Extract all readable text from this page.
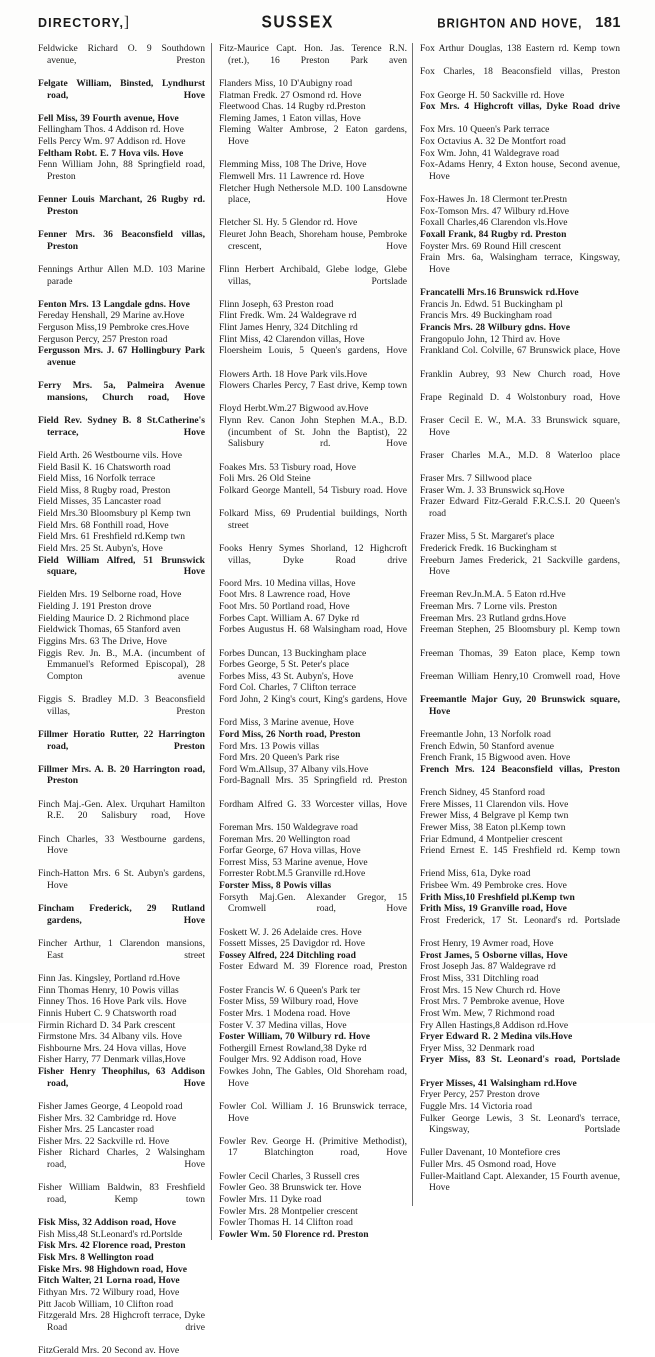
DIRECTORY,]	SUSSEX	BRIGHTON AND HOVE, 181

Feldwicke Richard O. 9 Southdown avenue, Preston

Felgate William, Binsted, Lyndhurst road, Hove

Fell Miss, 39 Fourth avenue, Hove

Fellingham Thos. 4 Addison rd. Hove

Fells Percy Wm. 97 Addison rd. Hove

Feltham Robt. E. 7 Hova vils. Hove

Fenn William John, 88 Springfield road, Preston

Fenner Louis Marchant, 26 Rugby rd. Preston

Fenner Mrs. 36 Beaconsfield villas, Preston

Fennings Arthur Allen M.D. 103 Marine parade

Fenton Mrs. 13 Langdale gdns. Hove

Fereday Henshall, 29 Marine av.Hove

Ferguson Miss,19 Pembroke cres.Hove

Ferguson Percy, 257 Preston road

Fergusson Mrs. J. 67 Hollingbury Park avenue

Ferry Mrs. 5a, Palmeira Avenue mansions, Church road, Hove

Field Rev. Sydney B. 8 St.Catherine's terrace, Hove

Field Arth. 26 Westbourne vils. Hove

Field Basil K. 16 Chatsworth road

Field Miss, 16 Norfolk terrace

Field Miss, 8 Rugby road, Preston

Field Misses, 35 Lancaster road

Field Mrs.30 Bloomsbury pl Kemp twn

Field Mrs. 68 Fonthill road, Hove

Field Mrs. 61 Freshfield rd.Kemp twn

Field Mrs. 25 St. Aubyn's, Hove

Field William Alfred, 51 Brunswick square, Hove

Fielden Mrs. 19 Selborne road, Hove

Fielding J. 191 Preston drove

Fielding Maurice D. 2 Richmond place

Fieldwick Thomas, 65 Stanford aven

Figgins Mrs. 63 The Drive, Hove

Figgis Rev. Jn. B., M.A. (incumbent of Emmanuel's Reformed Episcopal), 28 Compton avenue

Figgis S. Bradley M.D. 3 Beaconsfield villas, Preston

Fillmer Horatio Rutter, 22 Harrington road, Preston

Fillmer Mrs. A. B. 20 Harrington road, Preston

Finch Maj.-Gen. Alex. Urquhart Hamilton R.E. 20 Salisbury road, Hove

Finch Charles, 33 Westbourne gardens, Hove

Finch-Hatton Mrs. 6 St. Aubyn's gardens, Hove

Fincham Frederick, 29 Rutland gardens, Hove

Fincher Arthur, 1 Clarendon mansions, East street

Finn Jas. Kingsley, Portland rd.Hove

Finn Thomas Henry, 10 Powis villas

Finney Thos. 16 Hove Park vils. Hove

Finnis Hubert C. 9 Chatsworth road

Firmin Richard D. 34 Park crescent

Firmstone Mrs. 34 Albany vils. Hove

Fishbourne Mrs. 24 Hova villas, Hove

Fisher Harry, 77 Denmark villas,Hove

Fisher Henry Theophilus, 63 Addison road, Hove

Fisher James George, 4 Leopold road

Fisher Mrs. 32 Cambridge rd. Hove

Fisher Mrs. 25 Lancaster road

Fisher Mrs. 22 Sackville rd. Hove

Fisher Richard Charles, 2 Walsingham road, Hove

Fisher William Baldwin, 83 Freshfield road, Kemp town

Fisk Miss, 32 Addison road, Hove

Fish Miss,48 St.Leonard's rd.Portslde

Fisk Mrs. 42 Florence road, Preston

Fisk Mrs. 8 Wellington road

Fiske Mrs. 98 Highdown road, Hove

Fitch Walter, 21 Lorna road, Hove

Fithyan Mrs. 72 Wilbury road, Hove

Pitt Jacob William, 10 Clifton road

Fitzgerald Mrs. 28 Highcroft terrace, Dyke Road drive

FitzGerald Mrs. 20 Second av. Hove

Fitz-Maurice Capt. Hon. Jas. Terence R.N. (ret.), 16 Preston Park aven

Flanders Miss, 10 D'Aubigny road

Flatman Fredk. 27 Osmond rd. Hove

Fleetwood Chas. 14 Rugby rd.Preston

Fleming James, 1 Eaton villas, Hove

Fleming Walter Ambrose, 2 Eaton gardens, Hove

Flemming Miss, 108 The Drive, Hove

Flemwell Mrs. 11 Lawrence rd. Hove

Fletcher Hugh Nethersole M.D. 100 Lansdowne place, Hove

Fletcher Sl. Hy. 5 Glendor rd. Hove

Fleuret John Beach, Shoreham house, Pembroke crescent, Hove

Flinn Herbert Archibald, Glebe lodge, Glebe villas, Portslade

Flinn Joseph, 63 Preston road

Flint Fredk. Wm. 24 Waldegrave rd

Flint James Henry, 324 Ditchling rd

Flint Miss, 42 Clarendon villas, Hove

Floersheim Louis, 5 Queen's gardens, Hove

Flowers Arth. 18 Hove Park vils.Hove

Flowers Charles Percy, 7 East drive, Kemp town

Floyd Herbt.Wm.27 Bigwood av.Hove

Flynn Rev. Canon John Stephen M.A., B.D. (incumbent of St. John the Baptist), 22 Salisbury rd. Hove

Foakes Mrs. 53 Tisbury road, Hove

Foli Mrs. 26 Old Steine

Folkard George Mantell, 54 Tisbury road. Hove

Folkard Miss, 69 Prudential buildings, North street

Fooks Henry Symes Shorland, 12 Highcroft villas, Dyke Road drive

Foord Mrs. 10 Medina villas, Hove

Foot Mrs. 8 Lawrence road, Hove

Foot Mrs. 50 Portland road, Hove

Forbes Capt. William A. 67 Dyke rd

Forbes Augustus H. 68 Walsingham road, Hove

Forbes Duncan, 13 Buckingham place

Forbes George, 5 St. Peter's place

Forbes Miss, 43 St. Aubyn's, Hove

Ford Col. Charles, 7 Clifton terrace

Ford John, 2 King's court, King's gardens, Hove

Ford Miss, 3 Marine avenue, Hove

Ford Miss, 26 North road, Preston

Ford Mrs. 13 Powis villas

Ford Mrs. 20 Queen's Park rise

Ford Wm.Allsup, 37 Albany vils.Hove

Ford-Bagnall Mrs. 35 Springfield rd. Preston

Fordham Alfred G. 33 Worcester villas, Hove

Foreman Mrs. 150 Waldegrave road

Foreman Mrs. 20 Wellington road

Forfar George, 67 Hova villas, Hove

Forrest Miss, 53 Marine avenue, Hove

Forrester Robt.M.5 Granville rd.Hove

Forster Miss, 8 Powis villas

Forsyth Maj.Gen. Alexander Gregor, 15 Cromwell road, Hove

Foskett W. J. 26 Adelaide cres. Hove

Fossett Misses, 25 Davigdor rd. Hove

Fossey Alfred, 224 Ditchling road

Foster Edward M. 39 Florence road, Preston

Foster Francis W. 6 Queen's Park ter

Foster Miss, 59 Wilbury road, Hove

Foster Mrs. 1 Modena road. Hove

Foster V. 37 Medina villas, Hove

Foster William, 70 Wilbury rd. Hove

Fothergill Ernest Rowland,38 Dyke rd

Foulger Mrs. 92 Addison road, Hove

Fowkes John, The Gables, Old Shoreham road, Hove

Fowler Col. William J. 16 Brunswick terrace, Hove

Fowler Rev. George H. (Primitive Methodist), 17 Blatchington road, Hove

Fowler Cecil Charles, 3 Russell cres

Fowler Geo. 38 Brunswick ter. Hove

Fowler Mrs. 11 Dyke road

Fowler Mrs. 28 Montpelier crescent

Fowler Thomas H. 14 Clifton road

Fowler Wm. 50 Florence rd. Preston

Fox Arthur Douglas, 138 Eastern rd. Kemp town

Fox Charles, 18 Beaconsfield villas, Preston

Fox George H. 50 Sackville rd. Hove

Fox Mrs. 4 Highcroft villas, Dyke Road drive

Fox Mrs. 10 Queen's Park terrace

Fox Octavius A. 32 De Montfort road

Fox Wm. John, 41 Waldegrave road

Fox-Adams Henry, 4 Exton house, Second avenue, Hove

Fox-Hawes Jn. 18 Clermont ter.Prestn

Fox-Tomson Mrs. 47 Wilbury rd.Hove

Foxall Charles,46 Clarendon vls.Hove

Foxall Frank, 84 Rugby rd. Preston

Foyster Mrs. 69 Round Hill crescent

Frain Mrs. 6a, Walsingham terrace, Kingsway, Hove

Francatelli Mrs.16 Brunswick rd.Hove

Francis Jn. Edwd. 51 Buckingham pl

Francis Mrs. 49 Buckingham road

Francis Mrs. 28 Wilbury gdns. Hove

Frangopulo John, 12 Third av. Hove

Frankland Col. Colville, 67 Brunswick place, Hove

Franklin Aubrey, 93 New Church road, Hove

Frape Reginald D. 4 Wolstonbury road, Hove

Fraser Cecil E. W., M.A. 33 Brunswick square, Hove

Fraser Charles M.A., M.D. 8 Waterloo place

Fraser Mrs. 7 Sillwood place

Fraser Wm. J. 33 Brunswick sq.Hove

Frazer Edward Fitz-Gerald F.R.C.S.I. 20 Queen's road

Frazer Miss, 5 St. Margaret's place

Frederick Fredk. 16 Buckingham st

Freeburn James Frederick, 21 Sackville gardens, Hove

Freeman Rev.Jn.M.A. 5 Eaton rd.Hve

Freeman Mrs. 7 Lorne vils. Preston

Freeman Mrs. 23 Rutland grdns.Hove

Freeman Stephen, 25 Bloomsbury pl. Kemp town

Freeman Thomas, 39 Eaton place, Kemp town

Freeman William Henry,10 Cromwell road, Hove

Freemantle Major Guy, 20 Brunswick square, Hove

Freemantle John, 13 Norfolk road

French Edwin, 50 Stanford avenue

French Frank, 15 Bigwood aven. Hove

French Mrs. 124 Beaconsfield villas, Preston

French Sidney, 45 Stanford road

Frere Misses, 11 Clarendon vils. Hove

Frewer Miss, 4 Belgrave pl Kemp twn

Frewer Miss, 38 Eaton pl.Kemp town

Friar Edmund, 4 Montpelier crescent

Friend Ernest E. 145 Freshfield rd. Kemp town

Friend Miss, 61a, Dyke road

Frisbee Wm. 49 Pembroke cres. Hove

Frith Miss,10 Freshfield pl.Kemp twn

Frith Miss, 19 Granville road, Hove

Frost Frederick, 17 St. Leonard's rd. Portslade

Frost Henry, 19 Avmer road, Hove

Frost James, 5 Osborne villas, Hove

Frost Joseph Jas. 87 Waldegrave rd

Frost Miss, 331 Ditchling road

Frost Mrs. 15 New Church rd. Hove

Frost Mrs. 7 Pembroke avenue, Hove

Frost Wm. Mew, 7 Richmond road

Fry Allen Hastings,8 Addison rd.Hove

Fryer Edward R. 2 Medina vils.Hove

Fryer Miss, 32 Denmark road

Fryer Miss, 83 St. Leonard's road, Portslade

Fryer Misses, 41 Walsingham rd.Hove

Fryer Percy, 257 Preston drove

Fuggle Mrs. 14 Victoria road

Fulker George Lewis, 3 St. Leonard's terrace, Kingsway, Portslade

Fuller Davenant, 10 Montefiore cres

Fuller Mrs. 45 Osmond road, Hove

Fuller-Maitland Capt. Alexander, 15 Fourth avenue, Hove
